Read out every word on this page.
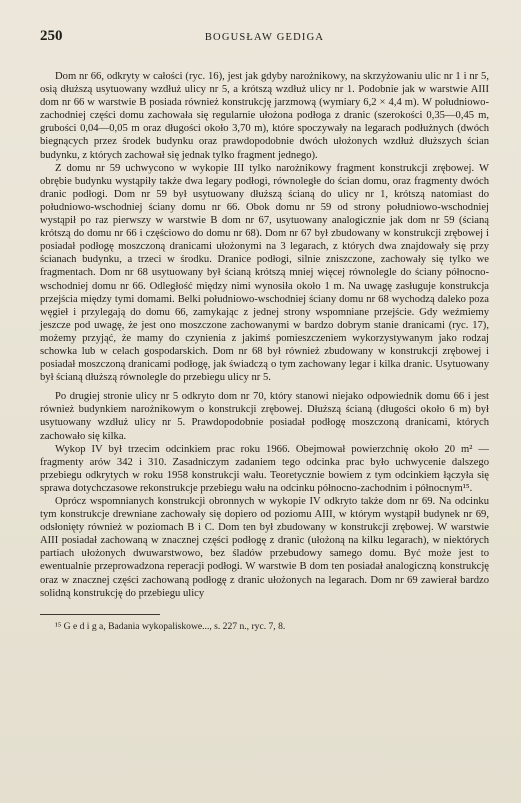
250	BOGUSŁAW GEDIGA

Dom nr 66, odkryty w całości (ryc. 16), jest jak gdyby narożnikowy, na skrzyżowaniu ulic nr 1 i nr 5, osią dłuższą usytuowany wzdłuż ulicy nr 5, a krótszą wzdłuż ulicy nr 1. Podobnie jak w warstwie AIII dom nr 66 w warstwie B posiada również konstrukcję jarzmową (wymiary 6,2 × 4,4 m). W południowo-zachodniej części domu zachowała się regularnie ułożona podłoga z dranic (szerokości 0,35—0,45 m, grubości 0,04—0,05 m oraz długości około 3,70 m), które spoczywały na legarach podłużnych (dwóch biegnących przez środek budynku oraz prawdopodobnie dwóch ułożonych wzdłuż dłuższych ścian budynku, z których zachował się jednak tylko fragment jednego).

Z domu nr 59 uchwycono w wykopie III tylko narożnikowy fragment konstrukcji zrębowej. W obrębie budynku wystąpiły także dwa legary podłogi, równoległe do ścian domu, oraz fragmenty dwóch dranic podłogi. Dom nr 59 był usytuowany dłuższą ścianą do ulicy nr 1, krótszą natomiast do południowo-wschodniej ściany domu nr 66. Obok domu nr 59 od strony południowo-wschodniej wystąpił po raz pierwszy w warstwie B dom nr 67, usytuowany analogicznie jak dom nr 59 (ścianą krótszą do domu nr 66 i częściowo do domu nr 68). Dom nr 67 był zbudowany w konstrukcji zrębowej i posiadał podłogę moszczoną dranicami ułożonymi na 3 legarach, z których dwa znajdowały się przy ścianach budynku, a trzeci w środku. Dranice podłogi, silnie zniszczone, zachowały się tylko we fragmentach. Dom nr 68 usytuowany był ścianą krótszą mniej więcej równolegle do ściany północno-wschodniej domu nr 66. Odległość między nimi wynosiła około 1 m. Na uwagę zasługuje konstrukcja przejścia między tymi domami. Belki południowo-wschodniej ściany domu nr 68 wychodzą daleko poza węgieł i przylegają do domu 66, zamykając z jednej strony wspomniane przejście. Gdy weźmiemy jeszcze pod uwagę, że jest ono moszczone zachowanymi w bardzo dobrym stanie dranicami (ryc. 17), możemy przyjąć, że mamy do czynienia z jakimś pomieszczeniem wykorzystywanym jako rodzaj schowka lub w celach gospodarskich. Dom nr 68 był również zbudowany w konstrukcji zrębowej i posiadał moszczoną dranicami podłogę, jak świadczą o tym zachowany legar i kilka dranic. Usytuowany był ścianą dłuższą równolegle do przebiegu ulicy nr 5.

Po drugiej stronie ulicy nr 5 odkryto dom nr 70, który stanowi niejako odpowiednik domu 66 i jest również budynkiem narożnikowym o konstrukcji zrębowej. Dłuższą ścianą (długości około 6 m) był usytuowany wzdłuż ulicy nr 5. Prawdopodobnie posiadał podłogę moszczoną dranicami, których zachowało się kilka.

Wykop IV był trzecim odcinkiem prac roku 1966. Obejmował powierzchnię około 20 m² — fragmenty arów 342 i 310. Zasadniczym zadaniem tego odcinka prac było uchwycenie dalszego przebiegu odkrytych w roku 1958 konstrukcji wału. Teoretycznie bowiem z tym odcinkiem łączyła się sprawa dotychczasowe rekonstrukcje przebiegu wału na odcinku północno-zachodnim i północnym¹⁵.

Oprócz wspomnianych konstrukcji obronnych w wykopie IV odkryto także dom nr 69. Na odcinku tym konstrukcje drewniane zachowały się dopiero od poziomu AIII, w którym wystąpił budynek nr 69, odsłonięty również w poziomach B i C. Dom ten był zbudowany w konstrukcji zrębowej. W warstwie AIII posiadał zachowaną w znacznej części podłogę z dranic (ułożoną na kilku legarach), w niektórych partiach ułożonych dwuwarstwowo, bez śladów przebudowy samego domu. Być może jest to ewentualnie przeprowadzona reperacji podłogi. W warstwie B dom ten posiadał analogiczną konstrukcję oraz w znacznej części zachowaną podłogę z dranic ułożonych na legarach. Dom nr 69 zawierał bardzo solidną konstrukcję do przebiegu ulicy

¹⁵ G e d i g a, Badania wykopaliskowe..., s. 227 n., ryc. 7, 8.
